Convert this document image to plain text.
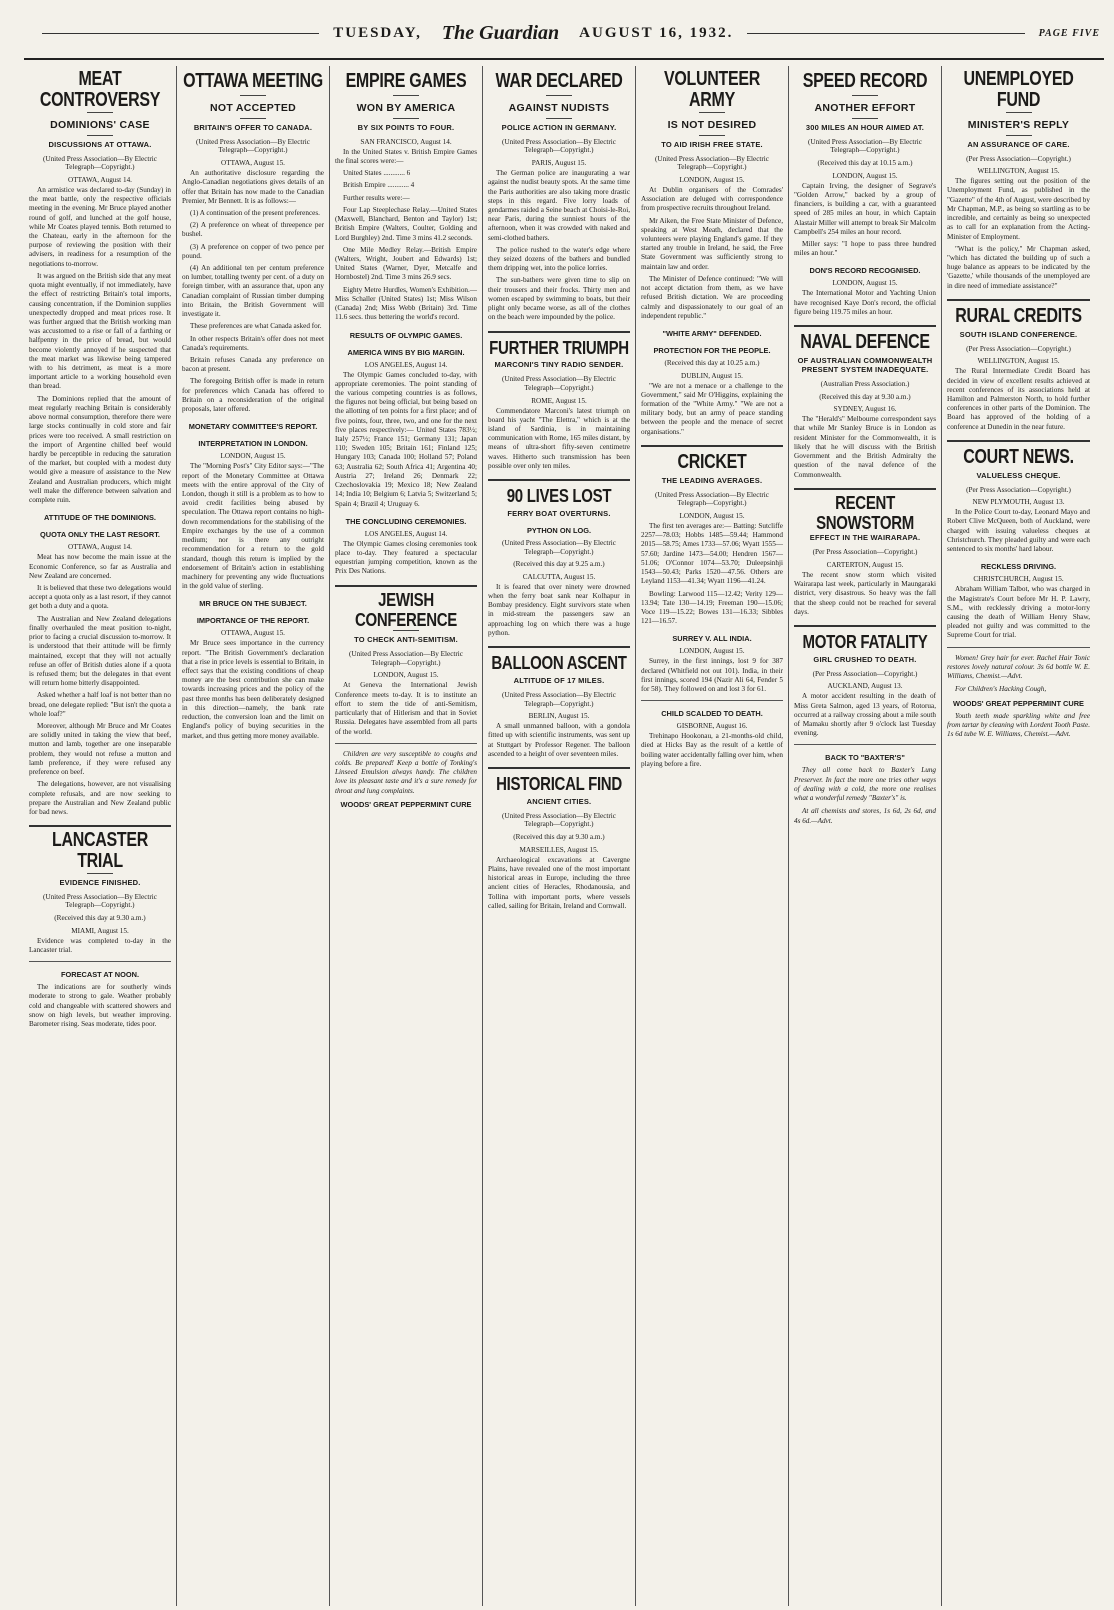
TUESDAY, The Guardian AUGUST 16, 1932.	PAGE FIVE
MEAT CONTROVERSY
DOMINIONS' CASE
DISCUSSIONS AT OTTAWA.
(United Press Association—By Electric Telegraph—Copyright.)
OTTAWA, August 14.

An armistice was declared to-day (Sunday) in the meat battle, only the respective officials meeting in the evening. Mr Bruce played another round of golf, and lunched at the golf house, while Mr Coates played tennis. Both returned to the Chateau, early in the afternoon for the purpose of reviewing the position with their advisers, in readiness for a resumption of the negotiations to-morrow.

It was argued on the British side that any meat quota might eventually, if not immediately, have the effect of restricting Britain's total imports, causing concentration, if the Dominion supplies unexpectedly dropped and meat prices rose. It was further argued that the British working man was accustomed to a rise or fall of a farthing or halfpenny in the price of bread, but would become violently annoyed if he suspected that the meat market was likewise being tampered with to his detriment, as meat is a more important article to a working household even than bread.

The Dominions replied that the amount of meat regularly reaching Britain is considerably above normal consumption, therefore there were large stocks continually in cold store and fair prices were too received. A small restriction on the import of Argentine chilled beef would hardly be perceptible in reducing the saturation of the market, but coupled with a modest duty would give a measure of assistance to the New Zealand and Australian producers, which might well make the difference between salvation and complete ruin.

ATTITUDE OF THE DOMINIONS.
QUOTA ONLY THE LAST RESORT.
OTTAWA, August 14.

Meat has now become the main issue at the Economic Conference, so far as Australia and New Zealand are concerned.

It is believed that these two delegations would accept a quota only as a last resort, if they cannot get both a duty and a quota.

The Australian and New Zealand delegations finally overhauled the meat position to-night, prior to facing a crucial discussion to-morrow. It is understood that their attitude will be firmly maintained, except that they will not actually refuse an offer of British duties alone if a quota is refused them; but the delegates in that event will return home bitterly disappointed.

Asked whether a half loaf is not better than no bread, one delegate replied: "But isn't the quota a whole loaf?"

Moreover, although Mr Bruce and Mr Coates are solidly united in taking the view that beef, mutton and lamb, together are one inseparable problem, they would not refuse a mutton and lamb preference, if they were refused any preference on beef.

The delegations, however, are not visualising complete refusals, and are now seeking to prepare the Australian and New Zealand public for bad news.

LANCASTER TRIAL
EVIDENCE FINISHED.
(United Press Association—By Electric Telegraph—Copyright.)
(Received this day at 9.30 a.m.)
MIAMI, August 15.

Evidence was completed to-day in the Lancaster trial.

FORECAST AT NOON.

The indications are for southerly winds moderate to strong to gale. Weather probably cold and changeable with scattered showers and snow on high levels, but weather improving. Barometer rising. Seas moderate, tides poor.

OTTAWA MEETING
NOT ACCEPTED
BRITAIN'S OFFER TO CANADA.
(United Press Association—By Electric Telegraph—Copyright.)
OTTAWA, August 15.

An authoritative disclosure regarding the Anglo-Canadian negotiations gives details of an offer that Britain has now made to the Canadian Premier, Mr Bennett. It is as follows:—

(1) A continuation of the present preferences.

(2) A preference on wheat of threepence per bushel.

(3) A preference on copper of two pence per pound.

(4) An additional ten per centum preference on lumber, totalling twenty per cent. of a duty on foreign timber, with an assurance that, upon any Canadian complaint of Russian timber dumping into Britain, the British Government will investigate it.

These preferences are what Canada asked for.

In other respects Britain's offer does not meet Canada's requirements.

Britain refuses Canada any preference on bacon at present.

The foregoing British offer is made in return for preferences which Canada has offered to Britain on a reconsideration of the original proposals, later offered.

MONETARY COMMITTEE'S REPORT.
INTERPRETATION IN LONDON.
LONDON, August 15.

The "Morning Post's" City Editor says:—"The report of the Monetary Committee at Ottawa meets with the entire approval of the City of London, though it still is a problem as to how to avoid credit facilities being abused by speculation. The Ottawa report contains no high-down recommendations for the stabilising of the Empire exchanges by the use of a common medium; nor is there any outright recommendation for a return to the gold standard, though this return is implied by the endorsement of Britain's action in establishing machinery for preventing any wide fluctuations in the gold value of sterling.

MR BRUCE ON THE SUBJECT.
IMPORTANCE OF THE REPORT.
OTTAWA, August 15.

Mr Bruce sees importance in the currency report. "The British Government's declaration that a rise in price levels is essential to Britain, in effect says that the existing conditions of cheap money are the best contribution she can make towards increasing prices and the policy of the past three months has been deliberately designed in this direction—namely, the bank rate reduction, the conversion loan and the limit on England's policy of buying securities in the market, and thus getting more money available.

EMPIRE GAMES
WON BY AMERICA
BY SIX POINTS TO FOUR.
SAN FRANCISCO, August 14.

In the United States v. British Empire Games the final scores were:—

United States ............ 6

British Empire ............ 4

Further results were:—

Four Lap Steeplechase Relay.—United States (Maxwell, Blanchard, Benton and Taylor) 1st; British Empire (Walters, Coulter, Golding and Lord Burghley) 2nd. Time 3 mins 41.2 seconds.

One Mile Medley Relay.—British Empire (Walters, Wright, Joubert and Edwards) 1st; United States (Warner, Dyer, Metcalfe and Hornbostel) 2nd. Time 3 mins 26.9 secs.

Eighty Metre Hurdles, Women's Exhibition.—Miss Schaller (United States) 1st; Miss Wilson (Canada) 2nd; Miss Webb (Britain) 3rd. Time 11.6 secs. thus bettering the world's record.

RESULTS OF OLYMPIC GAMES.
AMERICA WINS BY BIG MARGIN.
LOS ANGELES, August 14.

The Olympic Games concluded to-day, with appropriate ceremonies. The point standing of the various competing countries is as follows, the figures not being official, but being based on the allotting of ten points for a first place; and of five points, four, three, two, and one for the next five places respectively:— United States 783½; Italy 257½; France 151; Germany 131; Japan 110; Sweden 105; Britain 161; Finland 125; Hungary 103; Canada 100; Holland 57; Poland 63; Australia 62; South Africa 41; Argentina 40; Austria 27; Ireland 26; Denmark 22; Czechoslovakia 19; Mexico 18; New Zealand 14; India 10; Belgium 6; Latvia 5; Switzerland 5; Spain 4; Brazil 4; Uruguay 6.

THE CONCLUDING CEREMONIES.
LOS ANGELES, August 14.

The Olympic Games closing ceremonies took place to-day. They featured a spectacular equestrian jumping competition, known as the Prix Des Nations.

JEWISH CONFERENCE
TO CHECK ANTI-SEMITISM.
(United Press Association—By Electric Telegraph—Copyright.)
LONDON, August 15.

At Geneva the International Jewish Conference meets to-day. It is to institute an effort to stem the tide of anti-Semitism, particularly that of Hitlerism and that in Soviet Russia. Delegates have assembled from all parts of the world.

Children are very susceptible to coughs and colds. Be prepared! Keep a bottle of Tonking's Linseed Emulsion always handy. The children love its pleasant taste and it's a sure remedy for throat and lung complaints.

WOODS' GREAT PEPPERMINT CURE
WAR DECLARED
AGAINST NUDISTS
POLICE ACTION IN GERMANY.
(United Press Association—By Electric Telegraph—Copyright.)
PARIS, August 15.

The German police are inaugurating a war against the nudist beauty spots. At the same time the Paris authorities are also taking more drastic steps in this regard. Five lorry loads of gendarmes raided a Seine beach at Choisi-le-Roi, near Paris, during the sunniest hours of the afternoon, when it was crowded with naked and semi-clothed bathers.

The police rushed to the water's edge where they seized dozens of the bathers and bundled them dripping wet, into the police lorries.

The sun-bathers were given time to slip on their trousers and their frocks. Thirty men and women escaped by swimming to boats, but their plight only became worse, as all of the clothes on the beach were impounded by the police.

FURTHER TRIUMPH
MARCONI'S TINY RADIO SENDER.
(United Press Association—By Electric Telegraph—Copyright.)
ROME, August 15.

Commendatore Marconi's latest triumph on board his yacht "The Elettra," which is at the island of Sardinia, is in maintaining communication with Rome, 165 miles distant, by means of ultra-short fifty-seven centimetre waves. Hitherto such transmission has been possible over only ten miles.

90 LIVES LOST
FERRY BOAT OVERTURNS.
PYTHON ON LOG.
(United Press Association—By Electric Telegraph—Copyright.)
(Received this day at 9.25 a.m.)
CALCUTTA, August 15.

It is feared that over ninety were drowned when the ferry boat sank near Kolhapur in Bombay presidency. Eight survivors state when in mid-stream the passengers saw an approaching log on which there was a huge python.

BALLOON ASCENT
ALTITUDE OF 17 MILES.
(United Press Association—By Electric Telegraph—Copyright.)
BERLIN, August 15.

A small unmanned balloon, with a gondola fitted up with scientific instruments, was sent up at Stuttgart by Professor Regener. The balloon ascended to a height of over seventeen miles.

HISTORICAL FIND
ANCIENT CITIES.
(United Press Association—By Electric Telegraph—Copyright.)
(Received this day at 9.30 a.m.)
MARSEILLES, August 15.

Archaeological excavations at Cavergne Plains, have revealed one of the most important historical areas in Europe, including the three ancient cities of Heracles, Rhodanousia, and Tollina with important ports, where vessels called, sailing for Britain, Ireland and Cornwall.

VOLUNTEER ARMY
IS NOT DESIRED
TO AID IRISH FREE STATE.
(United Press Association—By Electric Telegraph—Copyright.)
LONDON, August 15.

At Dublin organisers of the Comrades' Association are deluged with correspondence from prospective recruits throughout Ireland.

Mr Aiken, the Free State Minister of Defence, speaking at West Meath, declared that the volunteers were playing England's game. If they started any trouble in Ireland, he said, the Free State Government was sufficiently strong to maintain law and order.

The Minister of Defence continued: "We will not accept dictation from them, as we have refused British dictation. We are proceeding calmly and dispassionately to our goal of an independent republic."

"WHITE ARMY" DEFENDED.
PROTECTION FOR THE PEOPLE.
(Received this day at 10.25 a.m.)
DUBLIN, August 15.

"We are not a menace or a challenge to the Government," said Mr O'Higgins, explaining the formation of the "White Army." "We are not a military body, but an army of peace standing between the people and the menace of secret organisations."

CRICKET
THE LEADING AVERAGES.
(United Press Association—By Electric Telegraph—Copyright.)
LONDON, August 15.

The first ten averages are:— Batting: Sutcliffe 2257—78.03; Hobbs 1485—59.44; Hammond 2015—58.75; Ames 1733—57.06; Wyatt 1555—57.60; Jardine 1473—54.00; Hendren 1567—51.06; O'Connor 1074—53.70; Duleepsinhji 1543—50.43; Parks 1520—47.56. Others are Leyland 1153—41.34; Wyatt 1196—41.24.

Bowling: Larwood 115—12.42; Verity 129—13.94; Tate 130—14.19; Freeman 190—15.06; Voce 119—15.22; Bowes 131—16.33; Sibbles 121—16.57.

SURREY V. ALL INDIA.
LONDON, August 15.

Surrey, in the first innings, lost 9 for 387 declared (Whitfield not out 101). India, in their first innings, scored 194 (Nazir Ali 64, Fender 5 for 58). They followed on and lost 3 for 61.

CHILD SCALDED TO DEATH.
GISBORNE, August 16.

Trehinapo Hookonau, a 21-months-old child, died at Hicks Bay as the result of a kettle of boiling water accidentally falling over him, when playing before a fire.

SPEED RECORD
ANOTHER EFFORT
300 MILES AN HOUR AIMED AT.
(United Press Association—By Electric Telegraph—Copyright.)
(Received this day at 10.15 a.m.)
LONDON, August 15.

Captain Irving, the designer of Segrave's "Golden Arrow," backed by a group of financiers, is building a car, with a guaranteed speed of 285 miles an hour, in which Captain Alastair Miller will attempt to break Sir Malcolm Campbell's 254 miles an hour record.

Miller says: "I hope to pass three hundred miles an hour."

DON'S RECORD RECOGNISED.
LONDON, August 15.

The International Motor and Yachting Union have recognised Kaye Don's record, the official figure being 119.75 miles an hour.

NAVAL DEFENCE
OF AUSTRALIAN COMMONWEALTH PRESENT SYSTEM INADEQUATE.
(Australian Press Association.)
(Received this day at 9.30 a.m.)
SYDNEY, August 16.

The "Herald's" Melbourne correspondent says that while Mr Stanley Bruce is in London as resident Minister for the Commonwealth, it is likely that he will discuss with the British Government and the British Admiralty the question of the naval defence of the Commonwealth.

RECENT SNOWSTORM
EFFECT IN THE WAIRARAPA.
(Per Press Association—Copyright.)
CARTERTON, August 15.

The recent snow storm which visited Wairarapa last week, particularly in Maungaraki district, very disastrous. So heavy was the fall that the sheep could not be reached for several days.

MOTOR FATALITY
GIRL CRUSHED TO DEATH.
(Per Press Association—Copyright.)
AUCKLAND, August 13.

A motor accident resulting in the death of Miss Greta Salmon, aged 13 years, of Rotorua, occurred at a railway crossing about a mile south of Mamaku shortly after 9 o'clock last Tuesday evening.

BACK TO "BAXTER'S"

They all come back to Baxter's Lung Preserver. In fact the more one tries other ways of dealing with a cold, the more one realises what a wonderful remedy "Baxter's" is.

At all chemists and stores, 1s 6d, 2s 6d, and 4s 6d.—Advt.

UNEMPLOYED FUND
MINISTER'S REPLY
AN ASSURANCE OF CARE.
(Per Press Association—Copyright.)
WELLINGTON, August 15.

The figures setting out the position of the Unemployment Fund, as published in the "Gazette" of the 4th of August, were described by Mr Chapman, M.P., as being so startling as to be incredible, and certainly as being so unexpected as to call for an explanation from the Acting-Minister of Employment.

"What is the policy," Mr Chapman asked, "which has dictated the building up of such a huge balance as appears to be indicated by the 'Gazette,' while thousands of the unemployed are in dire need of immediate assistance?"

RURAL CREDITS
SOUTH ISLAND CONFERENCE.
(Per Press Association—Copyright.)
WELLINGTON, August 15.

The Rural Intermediate Credit Board has decided in view of excellent results achieved at recent conferences of its associations held at Hamilton and Palmerston North, to hold further conferences in other parts of the Dominion. The Board has approved of the holding of a conference at Dunedin in the near future.

COURT NEWS.
VALUELESS CHEQUE.
(Per Press Association—Copyright.)
NEW PLYMOUTH, August 13.

In the Police Court to-day, Leonard Mayo and Robert Clive McQueen, both of Auckland, were charged with issuing valueless cheques at Christchurch. They pleaded guilty and were each sentenced to six months' hard labour.

RECKLESS DRIVING.
CHRISTCHURCH, August 15.

Abraham William Talbot, who was charged in the Magistrate's Court before Mr H. P. Lawry, S.M., with recklessly driving a motor-lorry causing the death of William Henry Shaw, pleaded not guilty and was committed to the Supreme Court for trial.

Women! Grey hair for ever. Rachel Hair Tonic restores lovely natural colour. 3s 6d bottle W. E. Williams, Chemist.—Advt.

For Children's Hacking Cough,

WOODS' GREAT PEPPERMINT CURE

Youth teeth made sparkling white and free from tartar by cleaning with Lordent Tooth Paste. 1s 6d tube W. E. Williams, Chemist.—Advt.
